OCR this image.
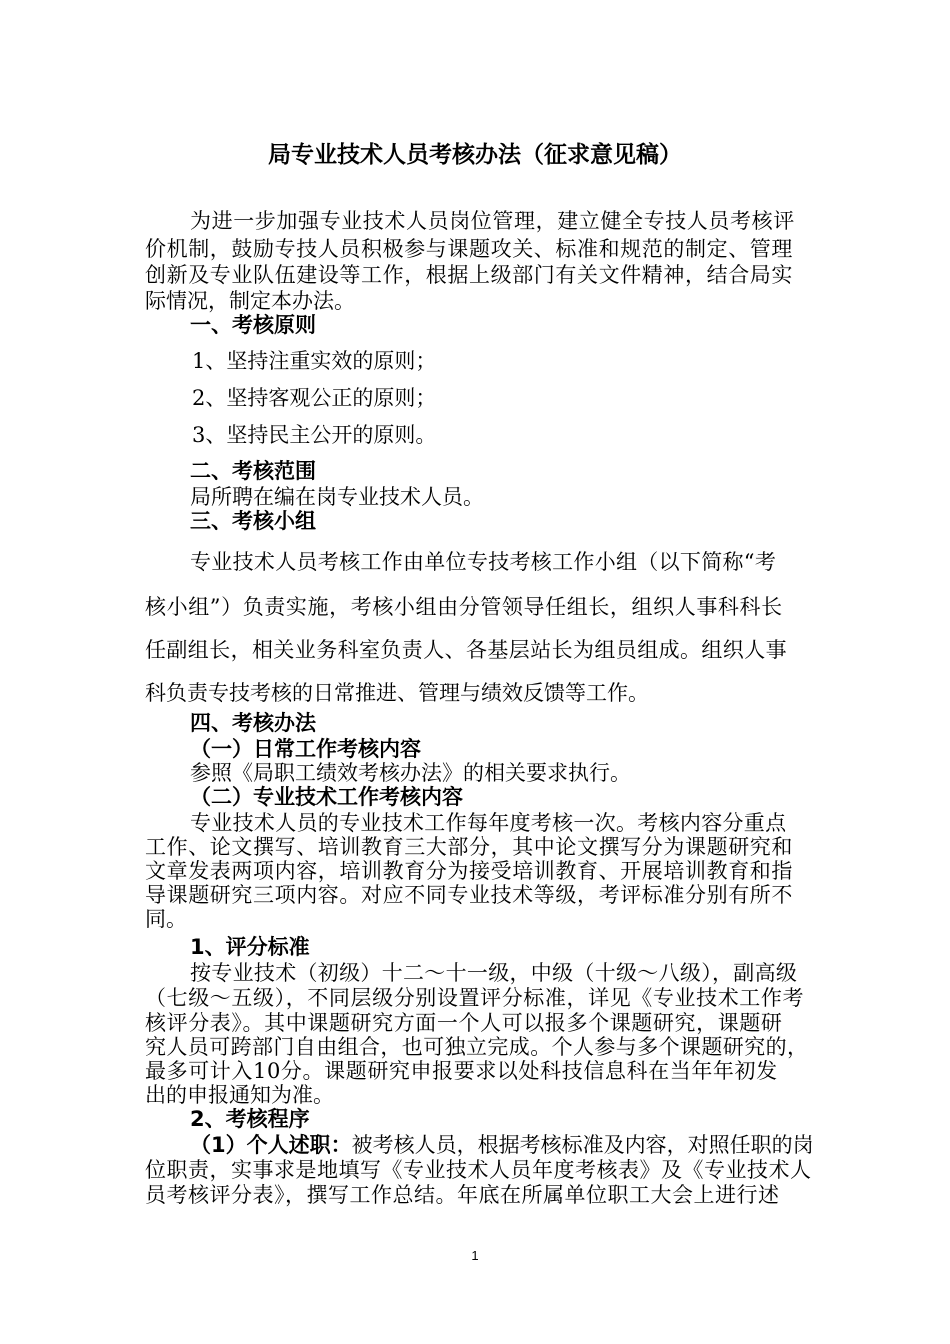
局专业技术人员考核办法（征求意见稿）
为进一步加强专业技术人员岗位管理，建立健全专技人员考核评
价机制，鼓励专技人员积极参与课题攻关、标准和规范的制定、管理
创新及专业队伍建设等工作，根据上级部门有关文件精神，结合局实
际情况，制定本办法。
一、考核原则
1、坚持注重实效的原则；
2、坚持客观公正的原则；
3、坚持民主公开的原则。
二、考核范围
局所聘在编在岗专业技术人员。
三、考核小组
专业技术人员考核工作由单位专技考核工作小组（以下简称“考
核小组”）负责实施，考核小组由分管领导任组长，组织人事科科长
任副组长，相关业务科室负责人、各基层站长为组员组成。组织人事
科负责专技考核的日常推进、管理与绩效反馈等工作。
四、考核办法
（一）日常工作考核内容
参照《局职工绩效考核办法》的相关要求执行。
（二）专业技术工作考核内容
专业技术人员的专业技术工作每年度考核一次。考核内容分重点
工作、论文撰写、培训教育三大部分，其中论文撰写分为课题研究和
文章发表两项内容，培训教育分为接受培训教育、开展培训教育和指
导课题研究三项内容。对应不同专业技术等级，考评标准分别有所不
同。
1、评分标准
按专业技术（初级）十二～十一级，中级（十级～八级），副高级
（七级～五级），不同层级分别设置评分标准，详见《专业技术工作考
核评分表》。其中课题研究方面一个人可以报多个课题研究，课题研
究人员可跨部门自由组合，也可独立完成。个人参与多个课题研究的，
最多可计入10分。课题研究申报要求以处科技信息科在当年年初发
出的申报通知为准。
2、考核程序
（1）个人述职：被考核人员，根据考核标准及内容，对照任职的岗
位职责，实事求是地填写《专业技术人员年度考核表》及《专业技术人
员考核评分表》，撰写工作总结。年底在所属单位职工大会上进行述
1
